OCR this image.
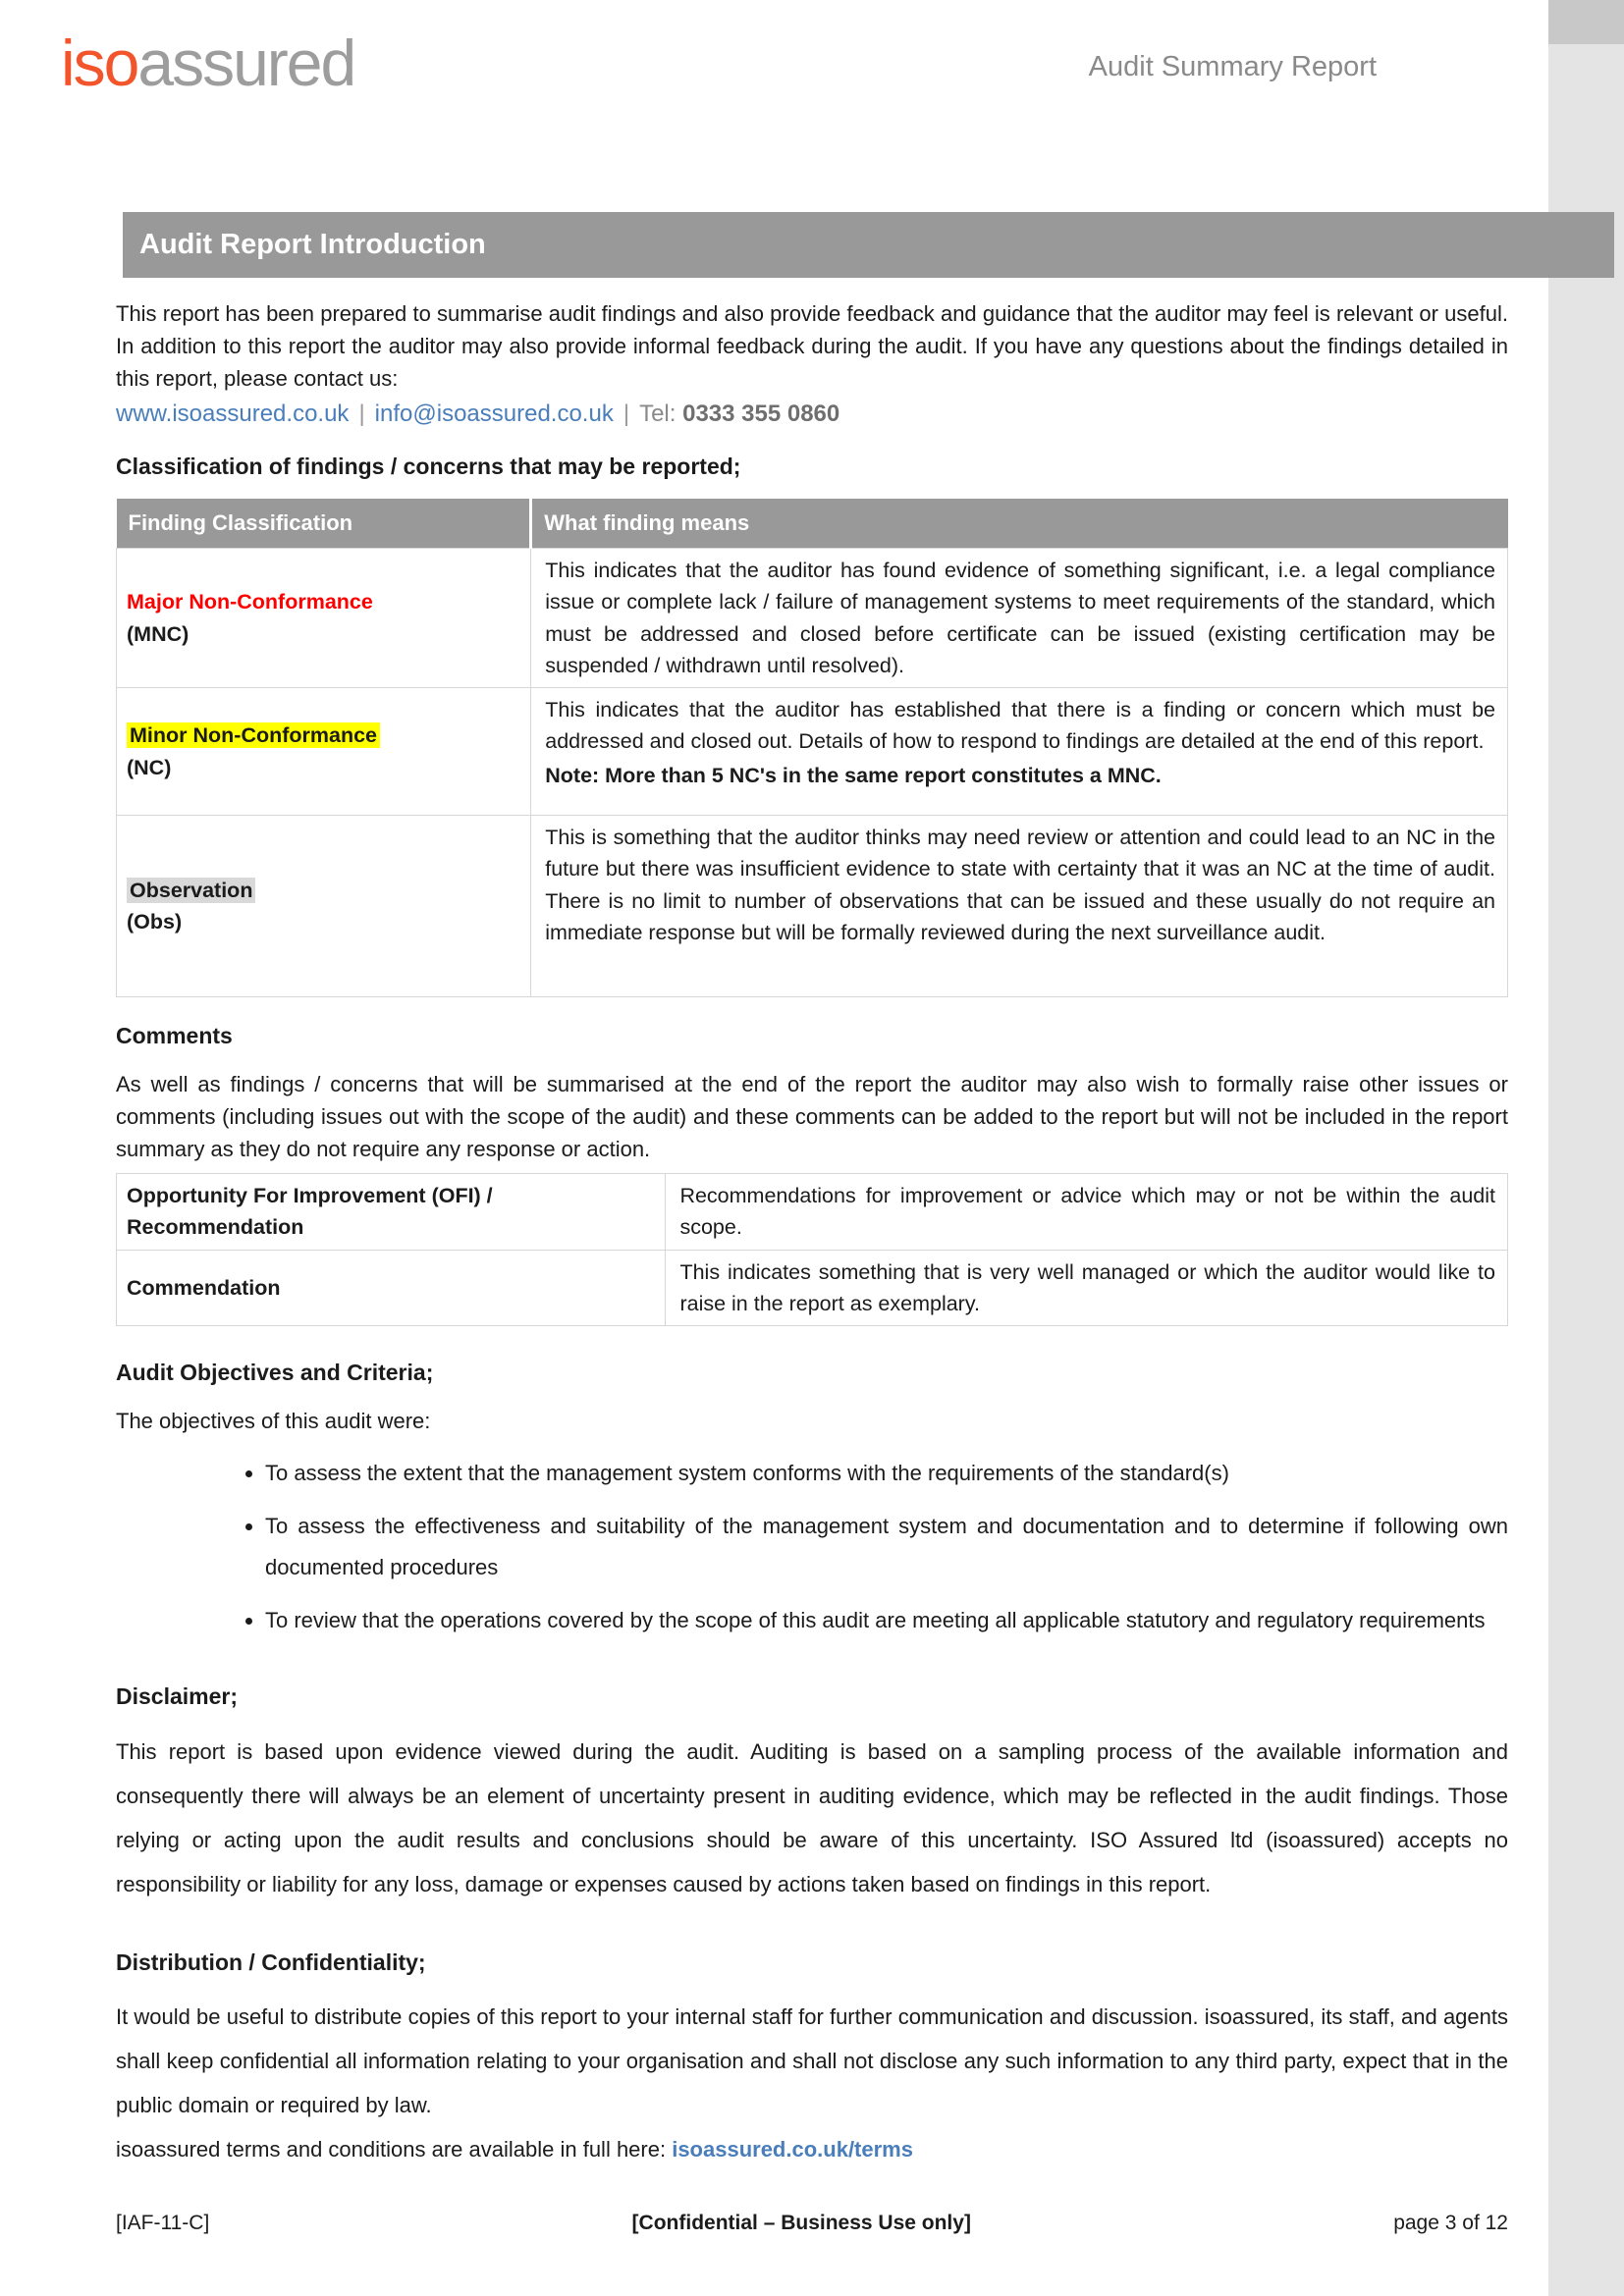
isoassured	Audit Summary Report
Audit Report Introduction

This report has been prepared to summarise audit findings and also provide feedback and guidance that the auditor may feel is relevant or useful. In addition to this report the auditor may also provide informal feedback during the audit. If you have any questions about the findings detailed in this report, please contact us:

www.isoassured.co.uk | info@isoassured.co.uk | Tel: 0333 355 0860

Classification of findings / concerns that may be reported;
Finding Classification	What finding means
Major Non-Conformance
(MNC)	This indicates that the auditor has found evidence of something significant, i.e. a legal compliance issue or complete lack / failure of management systems to meet requirements of the standard, which must be addressed and closed before certificate can be issued (existing certification may be suspended / withdrawn until resolved).
Minor Non-Conformance
(NC)	This indicates that the auditor has established that there is a finding or concern which must be addressed and closed out. Details of how to respond to findings are detailed at the end of this report.
Note: More than 5 NC's in the same report constitutes a MNC.

Observation
(Obs)	This is something that the auditor thinks may need review or attention and could lead to an NC in the future but there was insufficient evidence to state with certainty that it was an NC at the time of audit. There is no limit to number of observations that can be issued and these usually do not require an immediate response but will be formally reviewed during the next surveillance audit.
Comments

As well as findings / concerns that will be summarised at the end of the report the auditor may also wish to formally raise other issues or comments (including issues out with the scope of the audit) and these comments can be added to the report but will not be included in the report summary as they do not require any response or action.

Opportunity For Improvement (OFI) / Recommendation	Recommendations for improvement or advice which may or not be within the audit scope.
Commendation	This indicates something that is very well managed or which the auditor would like to raise in the report as exemplary.
Audit Objectives and Criteria;

The objectives of this audit were:

• To assess the extent that the management system conforms with the requirements of the standard(s)
• To assess the effectiveness and suitability of the management system and documentation and to determine if following own documented procedures
• To review that the operations covered by the scope of this audit are meeting all applicable statutory and regulatory requirements
Disclaimer;

This report is based upon evidence viewed during the audit. Auditing is based on a sampling process of the available information and consequently there will always be an element of uncertainty present in auditing evidence, which may be reflected in the audit findings. Those relying or acting upon the audit results and conclusions should be aware of this uncertainty. ISO Assured ltd (isoassured) accepts no responsibility or liability for any loss, damage or expenses caused by actions taken based on findings in this report.

Distribution / Confidentiality;

It would be useful to distribute copies of this report to your internal staff for further communication and discussion. isoassured, its staff, and agents shall keep confidential all information relating to your organisation and shall not disclose any such information to any third party, expect that in the public domain or required by law.

isoassured terms and conditions are available in full here: isoassured.co.uk/terms

[IAF-11-C]	[Confidential – Business Use only]	page 3 of 12
